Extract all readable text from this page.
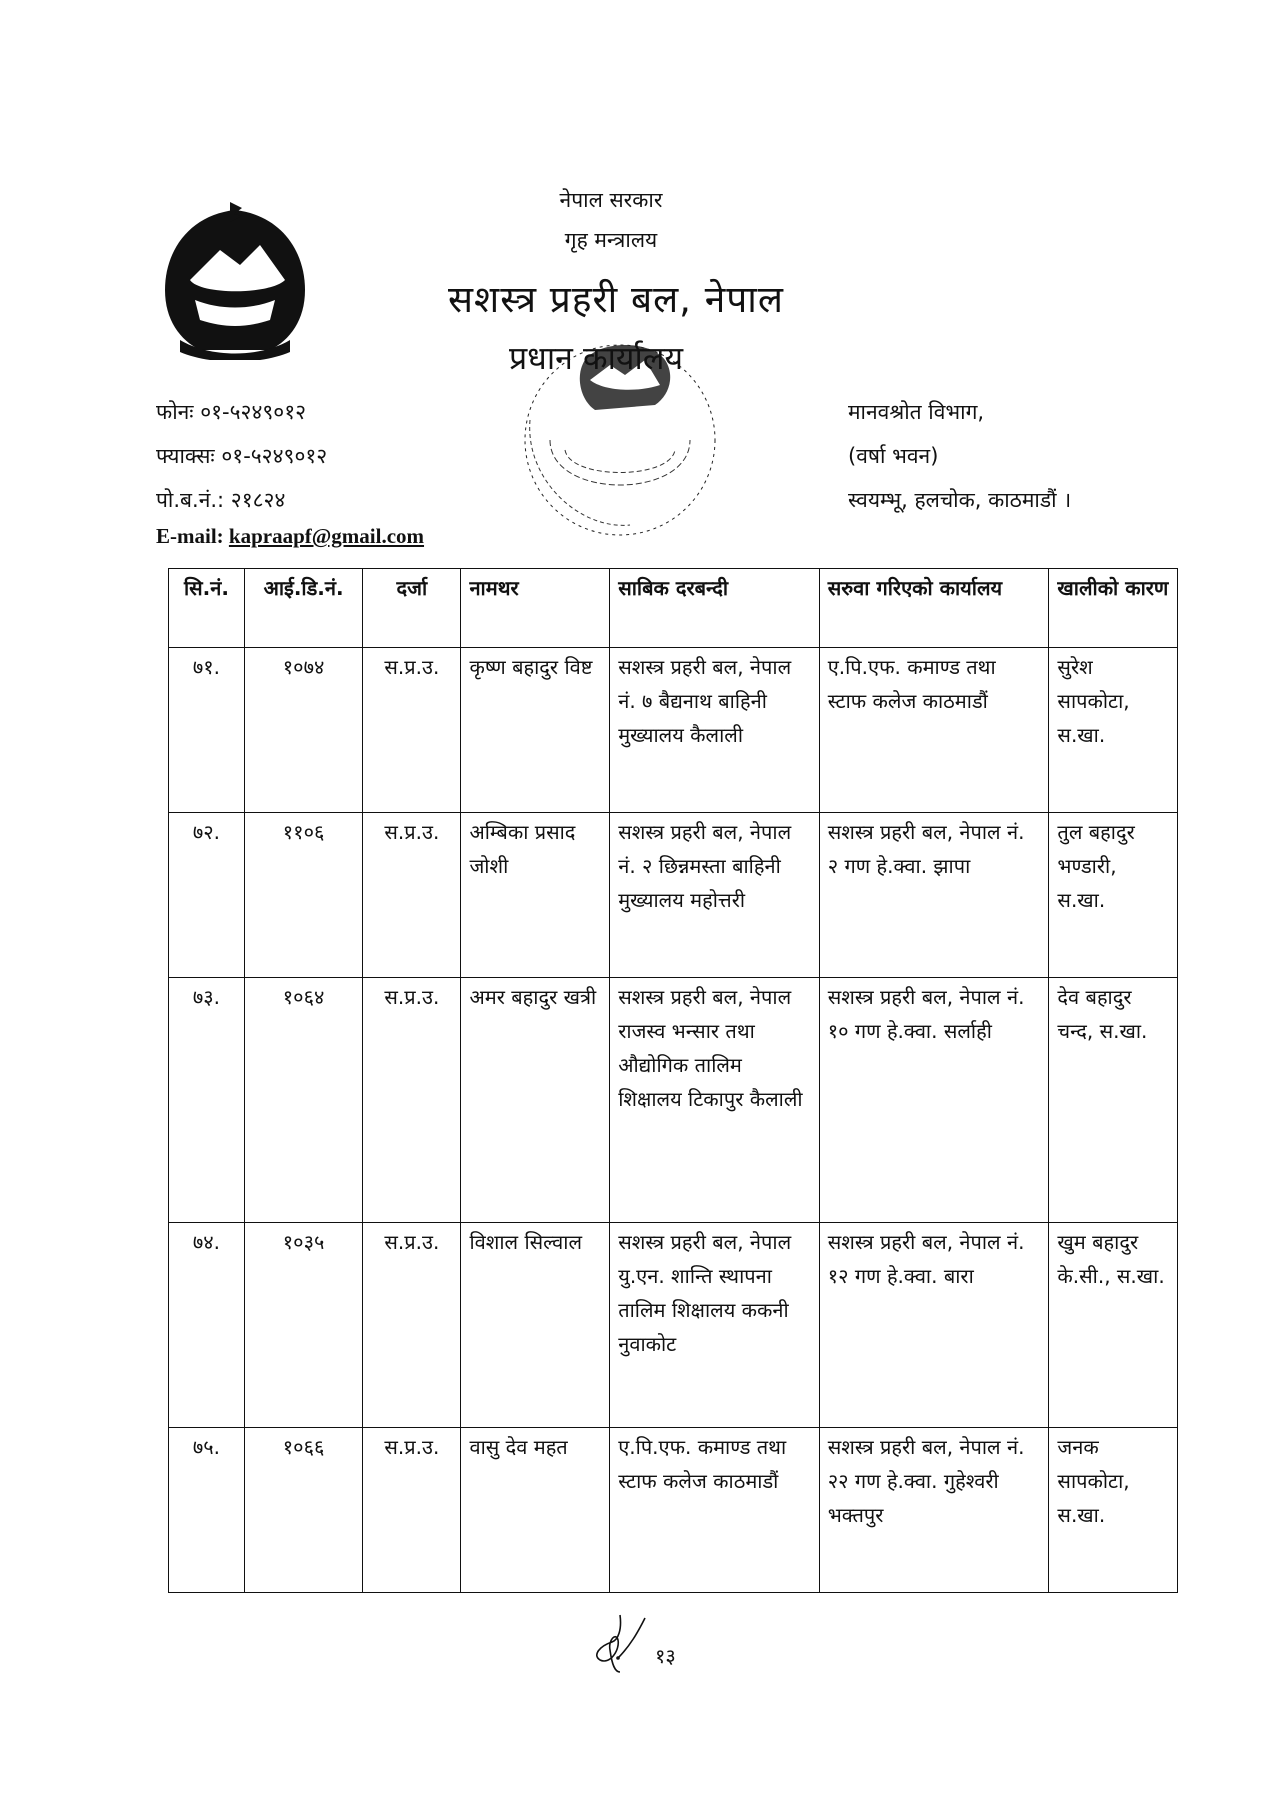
नेपाल सरकार
गृह मन्त्रालय
सशस्त्र प्रहरी बल, नेपाल
प्रधान कार्यालय
फोनः ०१-५२४९०१२
फ्याक्सः ०१-५२४९०१२
पो.ब.नं.: २१८२४
E-mail: kapraapf@gmail.com
मानवश्रोत विभाग,
(वर्षा भवन)
स्वयम्भू, हलचोक, काठमाडौं ।
सि.नं.	आई.डि.नं.	दर्जा	नामथर	साबिक दरबन्दी	सरुवा गरिएको कार्यालय	खालीको कारण
७१.	१०७४	स.प्र.उ.	कृष्ण बहादुर विष्ट	सशस्त्र प्रहरी बल, नेपाल नं. ७ बैद्यनाथ बाहिनी मुख्यालय कैलाली	ए.पि.एफ. कमाण्ड तथा स्टाफ कलेज काठमाडौं	सुरेश सापकोटा, स.खा.
७२.	११०६	स.प्र.उ.	अम्बिका प्रसाद जोशी	सशस्त्र प्रहरी बल, नेपाल नं. २ छिन्नमस्ता बाहिनी मुख्यालय महोत्तरी	सशस्त्र प्रहरी बल, नेपाल नं. २ गण हे.क्वा. झापा	तुल बहादुर भण्डारी, स.खा.
७३.	१०६४	स.प्र.उ.	अमर बहादुर खत्री	सशस्त्र प्रहरी बल, नेपाल राजस्व भन्सार तथा औद्योगिक तालिम शिक्षालय टिकापुर कैलाली	सशस्त्र प्रहरी बल, नेपाल नं. १० गण हे.क्वा. सर्लाही	देव बहादुर चन्द, स.खा.
७४.	१०३५	स.प्र.उ.	विशाल सिल्वाल	सशस्त्र प्रहरी बल, नेपाल यु.एन. शान्ति स्थापना तालिम शिक्षालय ककनी नुवाकोट	सशस्त्र प्रहरी बल, नेपाल नं. १२ गण हे.क्वा. बारा	खुम बहादुर के.सी., स.खा.
७५.	१०६६	स.प्र.उ.	वासु देव महत	ए.पि.एफ. कमाण्ड तथा स्टाफ कलेज काठमाडौं	सशस्त्र प्रहरी बल, नेपाल नं. २२ गण हे.क्वा. गुहेश्वरी भक्तपुर	जनक सापकोटा, स.खा.
१३
